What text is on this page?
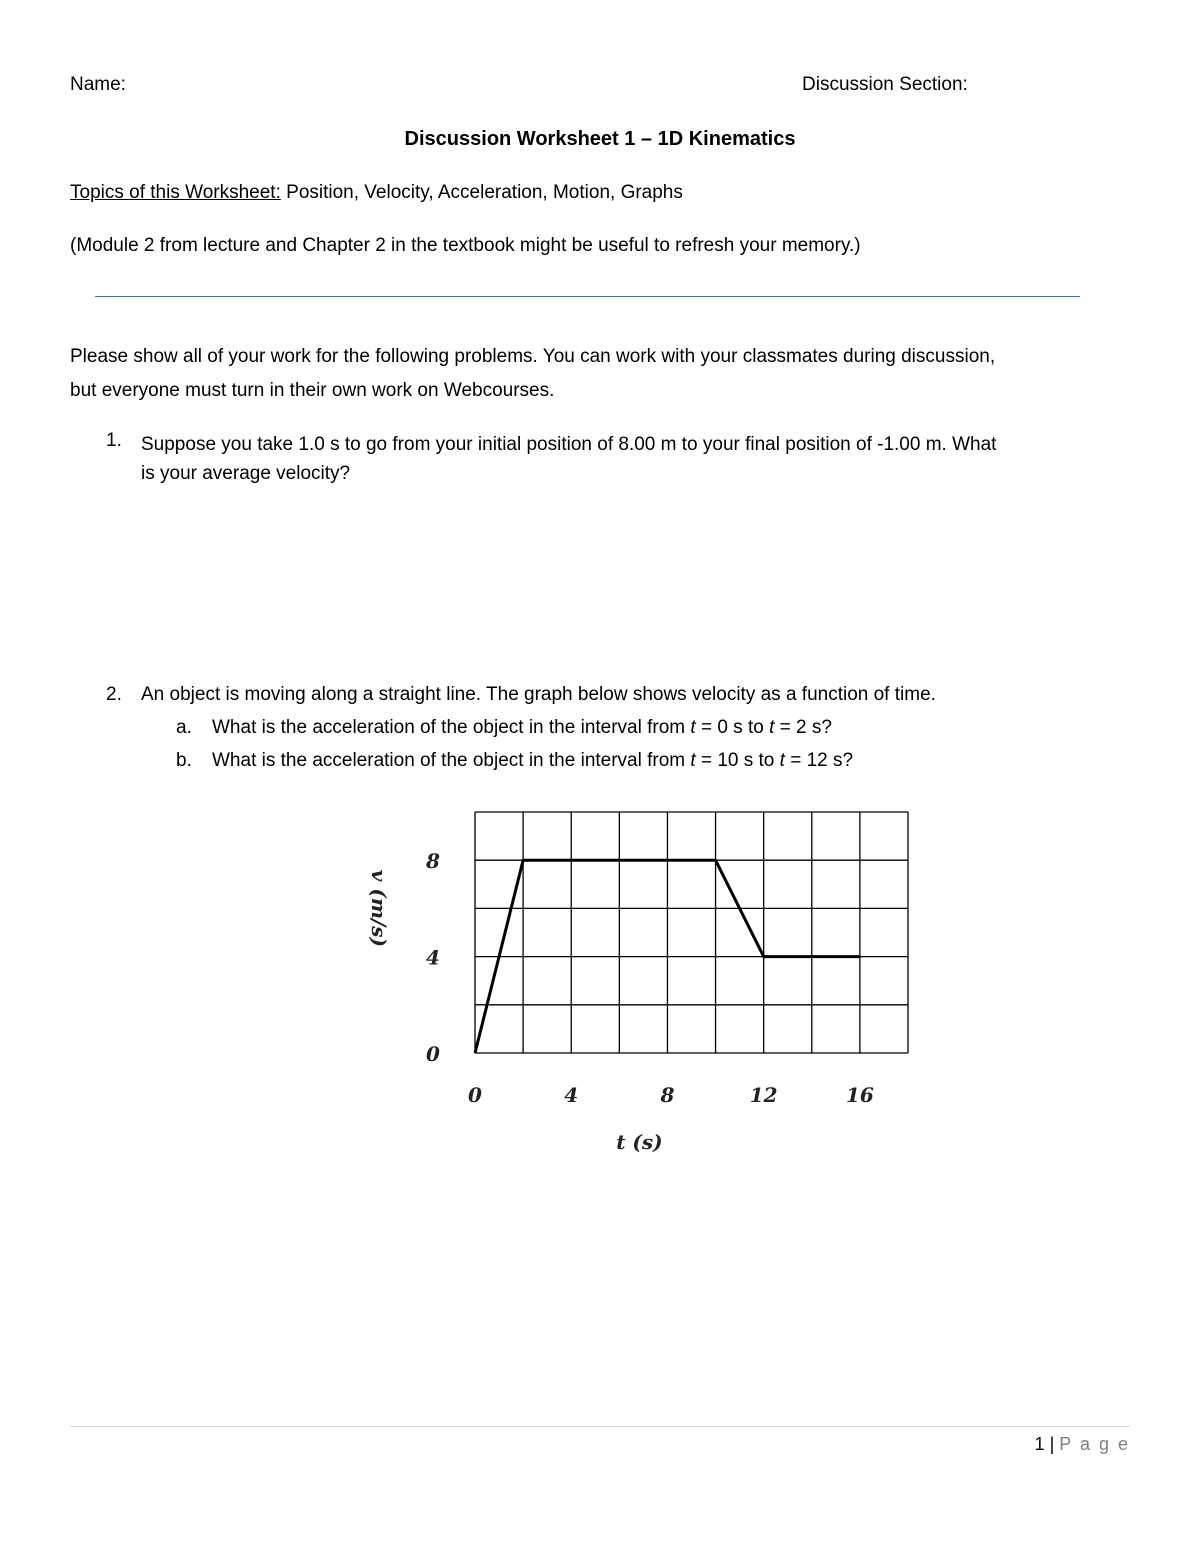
Name:	Discussion Section:
Discussion Worksheet 1 – 1D Kinematics
Topics of this Worksheet: Position, Velocity, Acceleration, Motion, Graphs
(Module 2 from lecture and Chapter 2 in the textbook might be useful to refresh your memory.)
Please show all of your work for the following problems. You can work with your classmates during discussion,
but everyone must turn in their own work on Webcourses.
1. Suppose you take 1.0 s to go from your initial position of 8.00 m to your final position of -1.00 m. What
is your average velocity?
2. An object is moving along a straight line. The graph below shows velocity as a function of time.
a. What is the acceleration of the object in the interval from t = 0 s to t = 2 s?
b. What is the acceleration of the object in the interval from t = 10 s to t = 12 s?
0	4	8	12	16
0
4
8
t (s)
v (m/s)
1 | P a g e
